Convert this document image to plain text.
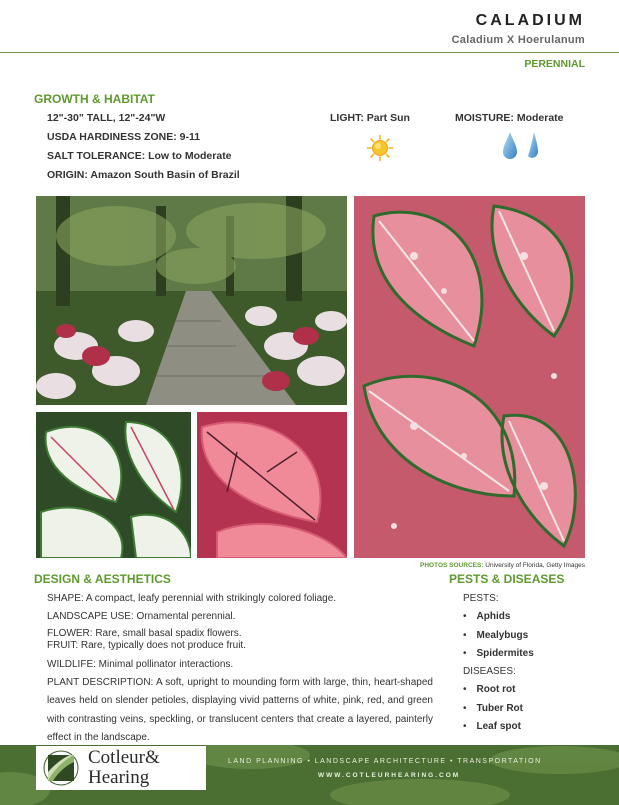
CALADIUM
Caladium X Hoerulanum
PERENNIAL
GROWTH & HABITAT
12"-30" TALL, 12"-24"W
USDA HARDINESS ZONE: 9-11
SALT TOLERANCE: Low to Moderate
ORIGIN: Amazon South Basin of Brazil
LIGHT: Part Sun	MOISTURE: Moderate
PHOTOS SOURCES: University of Florida, Getty Images
DESIGN & AESTHETICS

SHAPE: A compact, leafy perennial with strikingly colored foliage.

LANDSCAPE USE: Ornamental perennial.

FLOWER: Rare, small basal spadix flowers.

FRUIT: Rare, typically does not produce fruit.

WILDLIFE: Minimal pollinator interactions.

PLANT DESCRIPTION: A soft, upright to mounding form with large, thin, heart-shaped leaves held on slender petioles, displaying vivid patterns of white, pink, red, and green with contrasting veins, speckling, or translucent centers that create a layered, painterly effect in the landscape.

PESTS & DISEASES
PESTS:
• Aphids
• Mealybugs
• Spidermites
DISEASES:
• Root rot
• Tuber Rot
• Leaf spot
Cotleur&
Hearing
LAND PLANNING • LANDSCAPE ARCHITECTURE • TRANSPORTATION
WWW.COTLEURHEARING.COM
